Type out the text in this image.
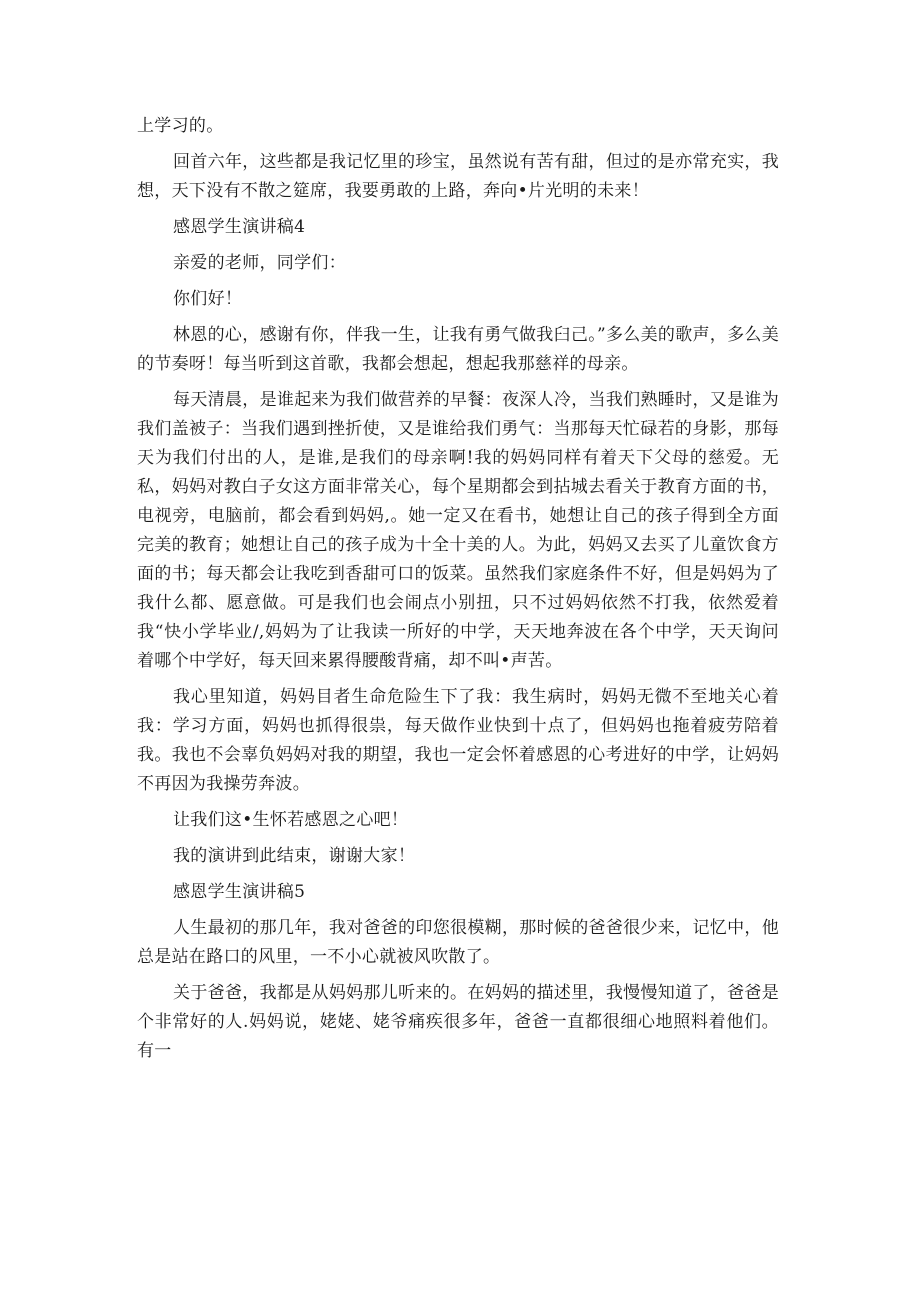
上学习的。

回首六年，这些都是我记忆里的珍宝，虽然说有苦有甜，但过的是亦常充实，我想，天下没有不散之筵席，我要勇敢的上路，奔向•片光明的未来！

感恩学生演讲稿4

亲爱的老师，同学们：

你们好！

林恩的心，感谢有你，伴我一生，让我有勇气做我臼己。”多么美的歌声，多么美的节奏呀！每当听到这首歌，我都会想起，想起我那慈祥的母亲。

每天清晨，是谁起来为我们做营养的早餐：夜深人冷，当我们熟睡时，又是谁为我们盖被子：当我们遇到挫折使，又是谁给我们勇气：当那每天忙碌若的身影，那每天为我们付出的人，是谁,是我们的母亲啊!我的妈妈同样有着天下父母的慈爱。无私，妈妈对教白子女这方面非常关心，每个星期都会到拈城去看关于教育方面的书，电视旁，电脑前，都会看到妈妈,。她一定又在看书，她想让自己的孩子得到全方面完美的教育；她想让自己的孩子成为十全十美的人。为此，妈妈又去买了儿童饮食方面的书；每天都会让我吃到香甜可口的饭菜。虽然我们家庭条件不好，但是妈妈为了我什么都、愿意做。可是我们也会闹点小别扭，只不过妈妈依然不打我，依然爱着我“快小学毕业/,妈妈为了让我读一所好的中学，天天地奔波在各个中学，天天询问着哪个中学好，每天回来累得腰酸背痛，却不叫•声苦。

我心里知道，妈妈目者生命危险生下了我：我生病时，妈妈无微不至地关心着我：学习方面，妈妈也抓得很祟，每天做作业快到十点了，但妈妈也拖着疲劳陪着我。我也不会辜负妈妈对我的期望，我也一定会怀着感恩的心考进好的中学，让妈妈不再因为我操劳奔波。

让我们这•生怀若感恩之心吧！

我的演讲到此结束，谢谢大家！

感恩学生演讲稿5

人生最初的那几年，我对爸爸的印您很模糊，那时候的爸爸很少来，记忆中，他总是站在路口的风里，一不小心就被风吹散了。

关于爸爸，我都是从妈妈那儿听来的。在妈妈的描述里，我慢慢知道了，爸爸是个非常好的人.妈妈说，姥姥、姥爷痛疾很多年，爸爸一直都很细心地照料着他们。有一
